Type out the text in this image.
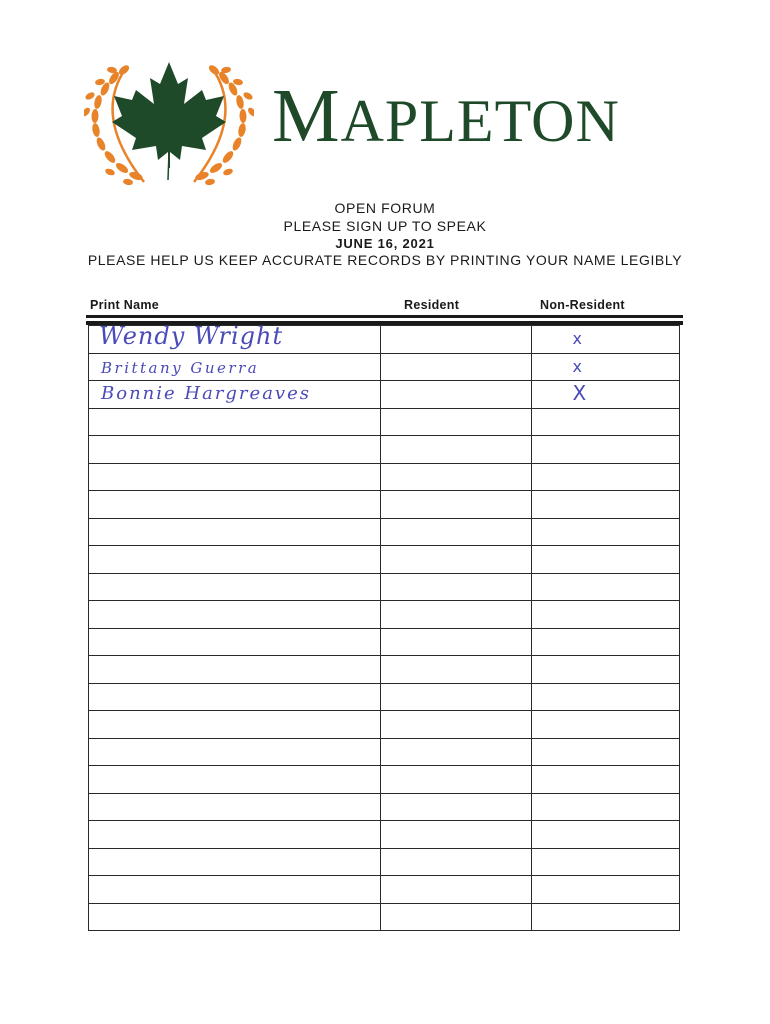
MAPLETON
OPEN FORUM
PLEASE SIGN UP TO SPEAK
JUNE 16, 2021
PLEASE HELP US KEEP ACCURATE RECORDS BY PRINTING YOUR NAME LEGIBLY
Print Name	Resident	Non-Resident
Wendy Wright		x

Brittany Guerra		x

Bonnie Hargreaves		X
